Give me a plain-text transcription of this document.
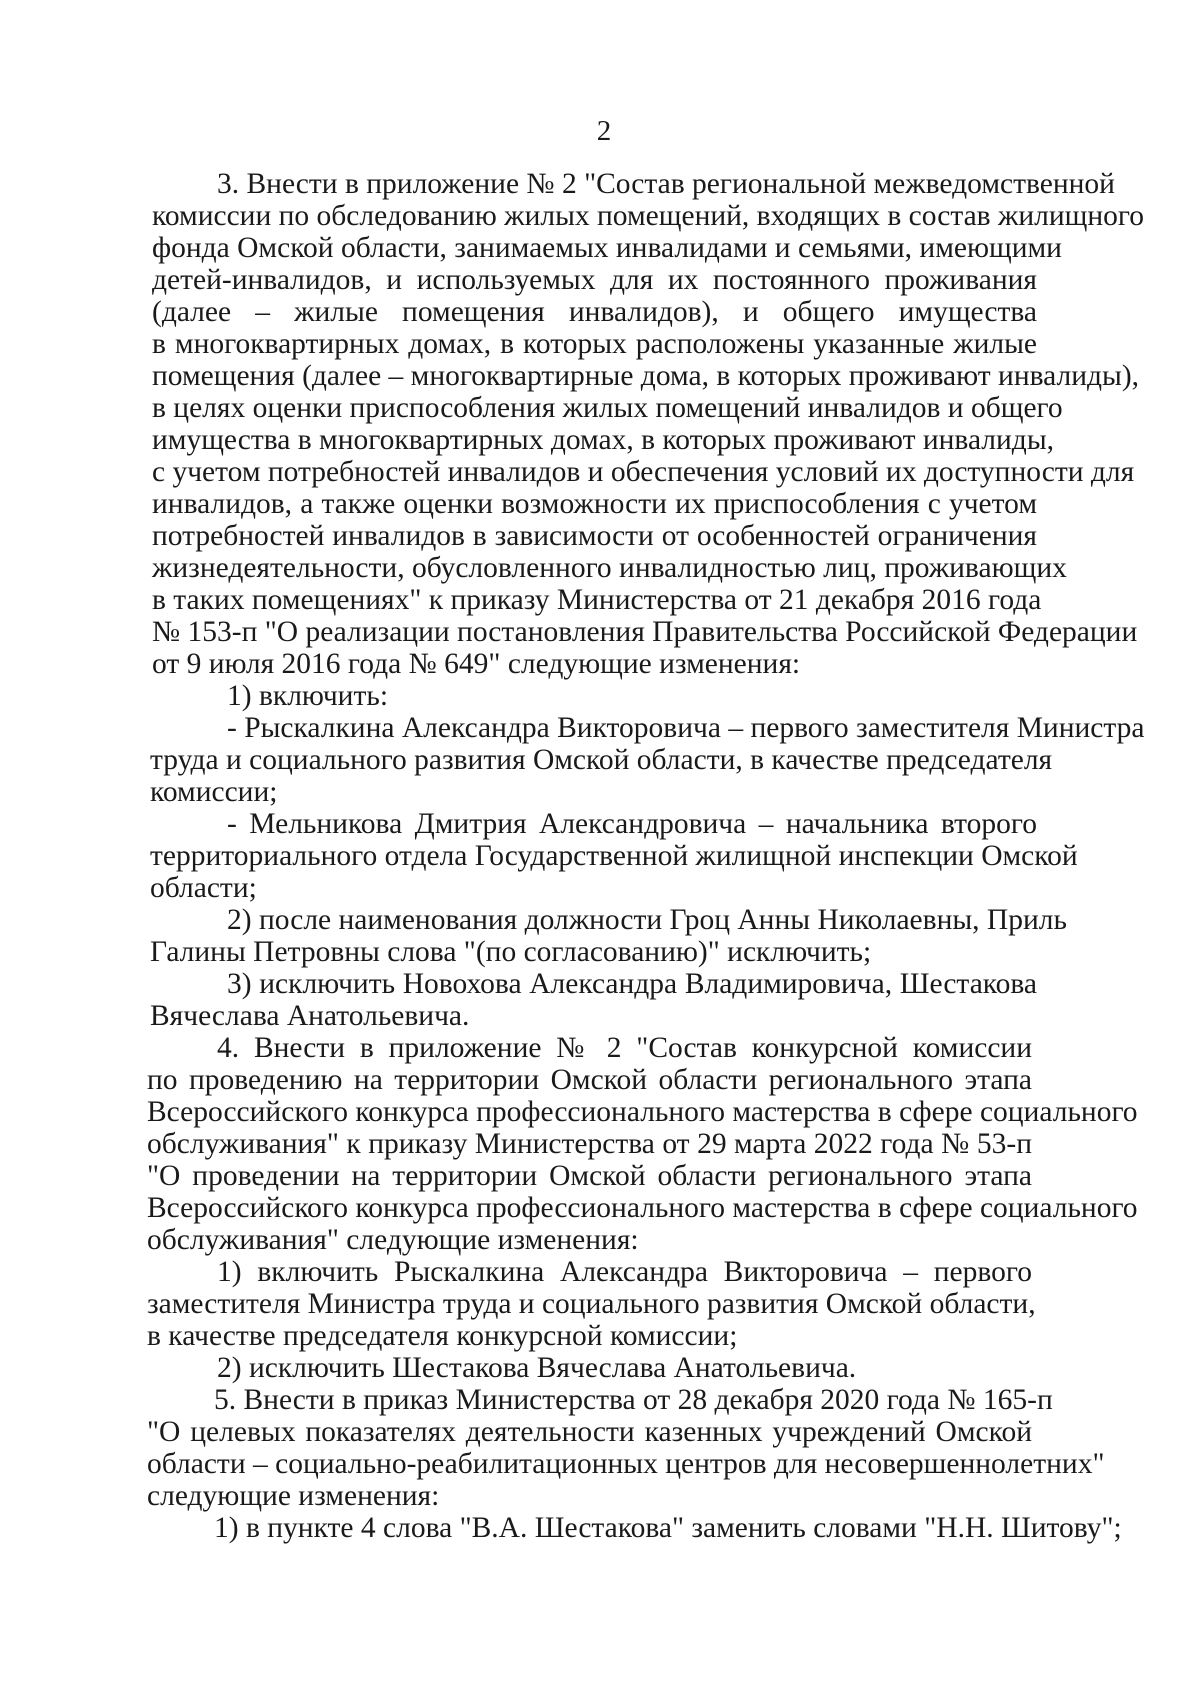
2
3. Внести в приложение № 2 "Состав региональной межведомственной
комиссии по обследованию жилых помещений, входящих в состав жилищного
фонда Омской области, занимаемых инвалидами и семьями, имеющими
детей-инвалидов, и используемых для их постоянного проживания
(далее – жилые помещения инвалидов), и общего имущества
в многоквартирных домах, в которых расположены указанные жилые
помещения (далее – многоквартирные дома, в которых проживают инвалиды),
в целях оценки приспособления жилых помещений инвалидов и общего
имущества в многоквартирных домах, в которых проживают инвалиды,
с учетом потребностей инвалидов и обеспечения условий их доступности для
инвалидов, а также оценки возможности их приспособления с учетом
потребностей инвалидов в зависимости от особенностей ограничения
жизнедеятельности, обусловленного инвалидностью лиц, проживающих
в таких помещениях" к приказу Министерства от 21 декабря 2016 года
№ 153-п "О реализации постановления Правительства Российской Федерации
от 9 июля 2016 года № 649" следующие изменения:
1) включить:
- Рыскалкина Александра Викторовича – первого заместителя Министра
труда и социального развития Омской области, в качестве председателя
комиссии;
- Мельникова Дмитрия Александровича – начальника второго
территориального отдела Государственной жилищной инспекции Омской
области;
2) после наименования должности Гроц Анны Николаевны, Приль
Галины Петровны слова "(по согласованию)" исключить;
3) исключить Новохова Александра Владимировича, Шестакова
Вячеслава Анатольевича.
4. Внести в приложение № 2 "Состав конкурсной комиссии
по проведению на территории Омской области регионального этапа
Всероссийского конкурса профессионального мастерства в сфере социального
обслуживания" к приказу Министерства от 29 марта 2022 года № 53-п
"О проведении на территории Омской области регионального этапа
Всероссийского конкурса профессионального мастерства в сфере социального
обслуживания" следующие изменения:
1) включить Рыскалкина Александра Викторовича – первого
заместителя Министра труда и социального развития Омской области,
в качестве председателя конкурсной комиссии;
2) исключить Шестакова Вячеслава Анатольевича.
5. Внести в приказ Министерства от 28 декабря 2020 года № 165-п
"О целевых показателях деятельности казенных учреждений Омской
области – социально-реабилитационных центров для несовершеннолетних"
следующие изменения:
1) в пункте 4 слова "В.А. Шестакова" заменить словами "Н.Н. Шитову";
